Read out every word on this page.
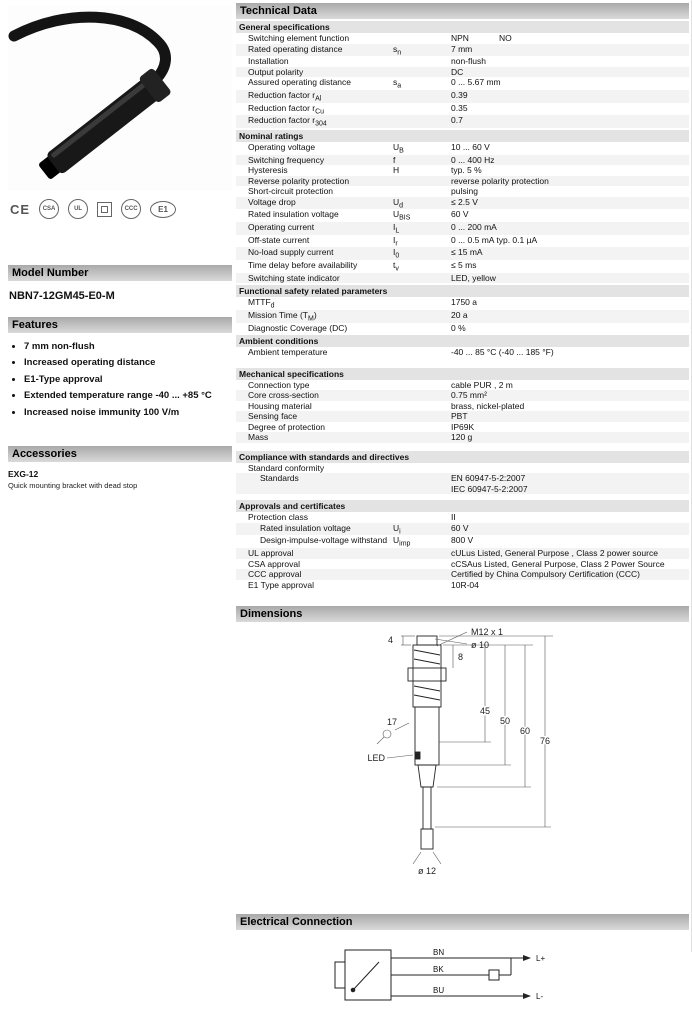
CE	CSA	UL	CCC	E1
Model Number
NBN7-12GM45-E0-M
Features
• 7 mm non-flush
• Increased operating distance
• E1-Type approval
• Extended temperature range -40 ... +85 °C
• Increased noise immunity 100 V/m
Accessories
EXG-12
Quick mounting bracket with dead stop
Technical Data
General specifications
Switching element function	NPN	NO
Rated operating distance	$s_n$	7 mm
Installation	non-flush
Output polarity	DC
Assured operating distance	$s_a$	0 ... 5.67 mm
Reduction factor $r_{Al}$	0.39
Reduction factor $r_{Cu}$	0.35
Reduction factor $r_{304}$	0.7
Nominal ratings
Operating voltage	$U_B$	10 ... 60 V
Switching frequency	f	0 ... 400 Hz
Hysteresis	H	typ. 5 %
Reverse polarity protection	reverse polarity protection
Short-circuit protection	pulsing
Voltage drop	$U_d$	≤ 2.5 V
Rated insulation voltage	$U_{BIS}$	60 V
Operating current	$I_L$	0 ... 200 mA
Off-state current	$I_r$	0 ... 0.5 mA typ. 0.1 µA
No-load supply current	$I_0$	≤ 15 mA
Time delay before availability	$t_v$	≤ 5 ms
Switching state indicator	LED, yellow
Functional safety related parameters
$MTTF_d$	1750 a
Mission Time $(T_M)$	20 a
Diagnostic Coverage (DC)	0 %
Ambient conditions
Ambient temperature	-40 ... 85 °C (-40 ... 185 °F)
Mechanical specifications
Connection type	cable PUR , 2 m
Core cross-section	0.75 mm²
Housing material	brass, nickel-plated
Sensing face	PBT
Degree of protection	IP69K
Mass	120 g
Compliance with standards and directives
Standard conformity
Standards	EN 60947-5-2:2007
IEC 60947-5-2:2007
Approvals and certificates
Protection class	II
Rated insulation voltage	$U_i$	60 V
Design-impulse-voltage withstand $U_{imp}$	800 V
UL approval	cULus Listed, General Purpose , Class 2 power source
CSA approval	cCSAus Listed, General Purpose, Class 2 Power Source
CCC approval	Certified by China Compulsory Certification (CCC)
E1 Type approval	10R-04
Dimensions
M12 x 1
ø 10
4
8
17
LED
45
50
60
76
ø 12
Electrical Connection
BN
BK
BU
L+
L-
